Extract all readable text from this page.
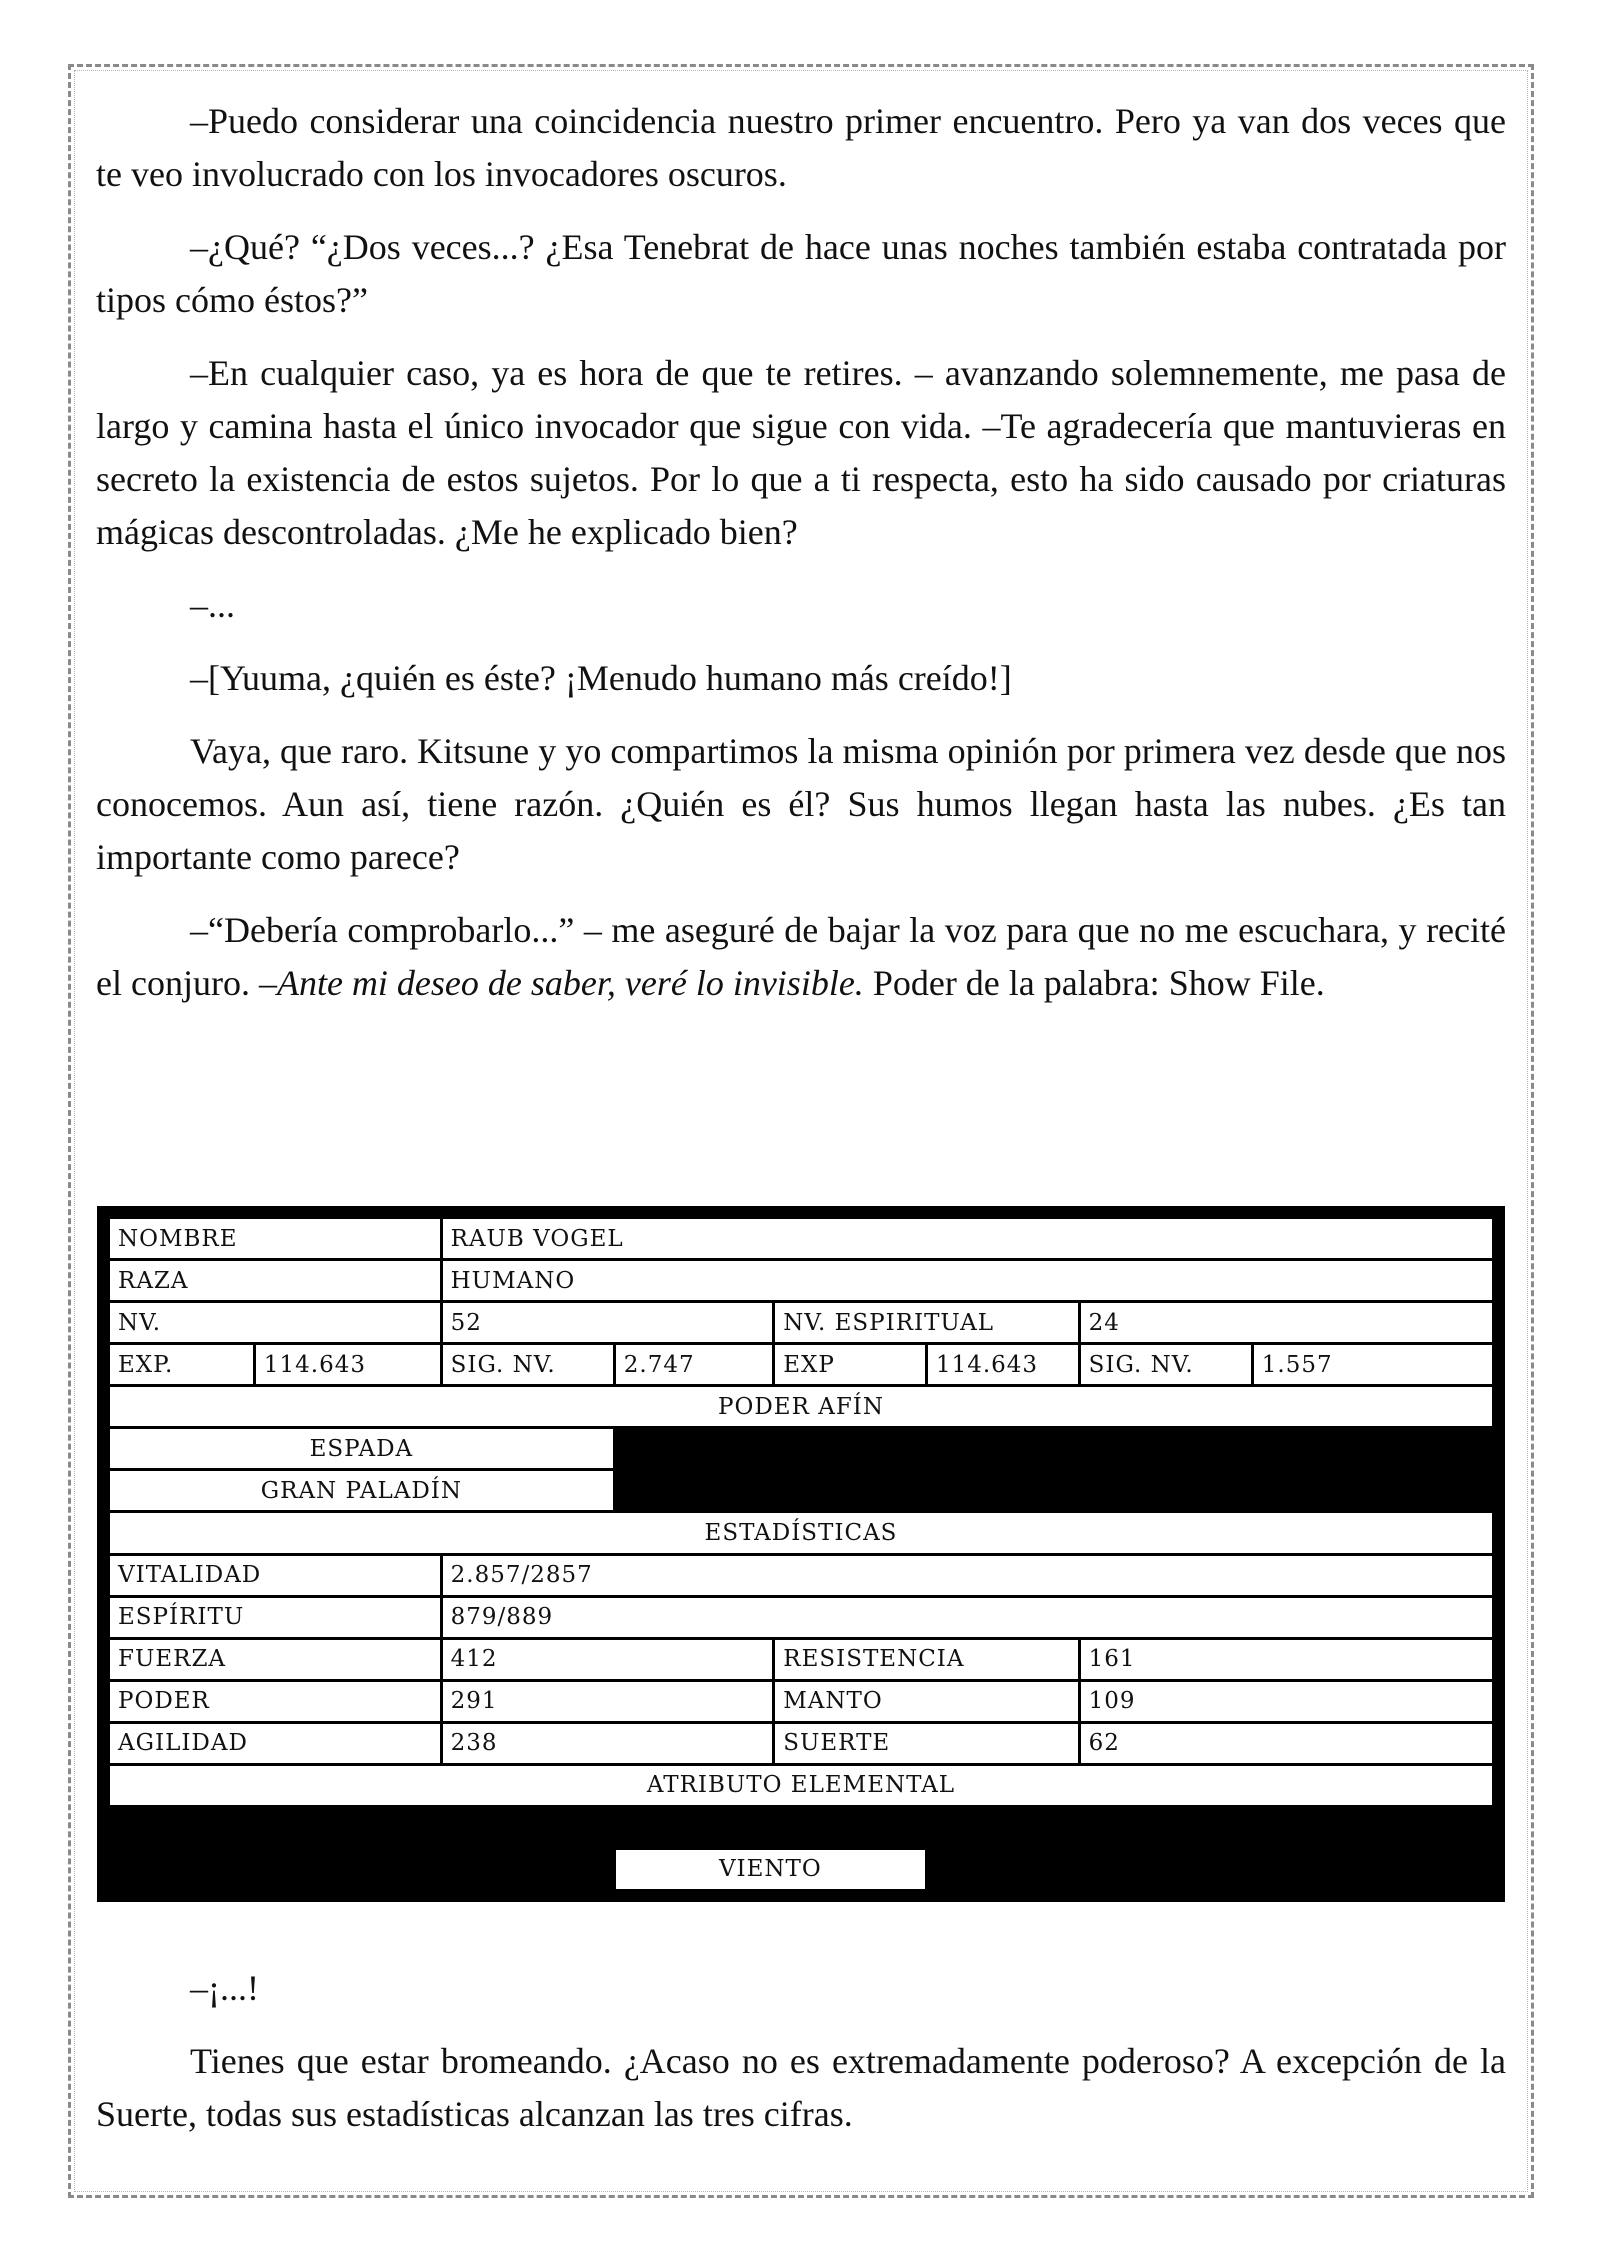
–Puedo considerar una coincidencia nuestro primer encuentro. Pero ya van dos veces que te veo involucrado con los invocadores oscuros.

–¿Qué? “¿Dos veces...? ¿Esa Tenebrat de hace unas noches también estaba contratada por tipos cómo éstos?”

–En cualquier caso, ya es hora de que te retires. – avanzando solemnemente, me pasa de largo y camina hasta el único invocador que sigue con vida. –Te agradecería que mantuvieras en secreto la existencia de estos sujetos. Por lo que a ti respecta, esto ha sido causado por criaturas mágicas descontroladas. ¿Me he explicado bien?

–...

–[Yuuma, ¿quién es éste? ¡Menudo humano más creído!]

Vaya, que raro. Kitsune y yo compartimos la misma opinión por primera vez desde que nos conocemos. Aun así, tiene razón. ¿Quién es él? Sus humos llegan hasta las nubes. ¿Es tan importante como parece?

–“Debería comprobarlo...” – me aseguré de bajar la voz para que no me escuchara, y recité el conjuro. –Ante mi deseo de saber, veré lo invisible. Poder de la palabra: Show File.

NOMBRE		RAUB VOGEL					
RAZA		HUMANO					
NV.		52		NV. ESPIRITUAL		24	
EXP.	114.643	SIG. NV.	2.747	EXP	114.643	SIG. NV.	1.557
PODER AFÍN							
ESPADA							
GRAN PALADÍN							
ESTADÍSTICAS							
VITALIDAD		2.857/2857					
ESPÍRITU		879/889					
FUERZA		412		RESISTENCIA		161	
PODER		291		MANTO		109	
AGILIDAD		238		SUERTE		62	
ATRIBUTO ELEMENTAL							

			VIENTO				

–¡...!

Tienes que estar bromeando. ¿Acaso no es extremadamente poderoso? A excepción de la Suerte, todas sus estadísticas alcanzan las tres cifras.
